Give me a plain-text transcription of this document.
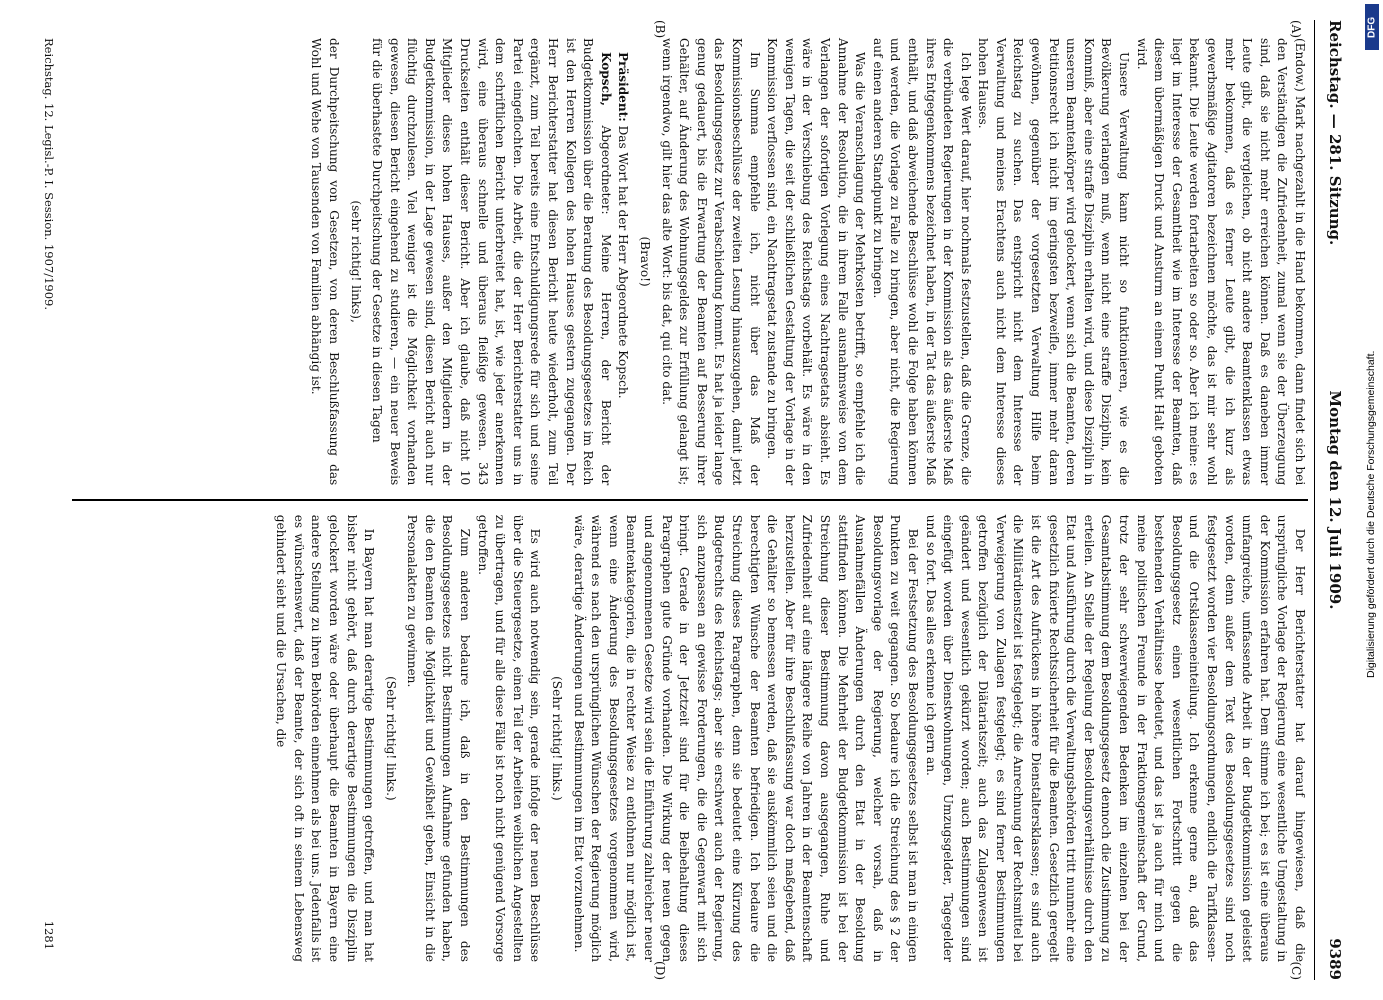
Reichstag. — 281. Sitzung.
Montag den 12. Juli 1909.
9389
(A)
(B)

(Endow.) Mark nachgezahlt in die Hand bekommen, dann findet sich bei den Verständigen die Zufriedenheit, zumal wenn sie der Überzeugung sind, daß sie nicht mehr erreichen können. Daß es daneben immer Leute gibt, die vergleichen, ob nicht andere Beamtenklassen etwas mehr bekommen, daß es ferner Leute gibt, die ich kurz als gewerbsmäßige Agitatoren bezeichnen möchte, das ist mir sehr wohl bekannt. Die Leute werden fortarbeiten so oder so. Aber ich meine: es liegt im Interesse der Gesamtheit wie im Interesse der Beamten, daß diesem übermäßigen Druck und Ansturm an einem Punkt Halt geboten wird.

Unsere Verwaltung kann nicht so funktionieren, wie es die Bevölkerung verlangen muß, wenn nicht eine straffe Disziplin, kein Kommiß, aber eine straffe Disziplin erhalten wird, und diese Disziplin in unserem Beamtenkörper wird gelockert, wenn sich die Beamten, deren Petitionsrecht ich nicht im geringsten bezweifle, immer mehr daran gewöhnen, gegenüber der vorgesetzten Verwaltung Hilfe beim Reichstag zu suchen. Das entspricht nicht dem Interesse der Verwaltung und meines Erachtens auch nicht dem Interesse dieses hohen Hauses.

Ich lege Wert darauf, hier nochmals festzustellen, daß die Grenze, die die verbündeten Regierungen in der Kommission als das äußerste Maß ihres Entgegenkommens bezeichnet haben, in der Tat das äußerste Maß enthält, und daß abweichende Beschlüsse wohl die Folge haben können und werden, die Vorlage zu Falle zu bringen, aber nicht, die Regierung auf einen anderen Standpunkt zu bringen.

Was die Veranschlagung der Mehrkosten betrifft, so empfehle ich die Annahme der Resolution, die in ihrem Falle ausnahmsweise von dem Verlangen der sofortigen Vorlegung eines Nachtragsetats absieht. Es wäre in der Verschiebung des Reichstags vorbehält. Es wäre in den wenigen Tagen, die seit der schließlichen Gestaltung der Vorlage in der Kommission verflossen sind, ein Nachtragsetat zustande zu bringen.

Im Summa empfehle ich, nicht über das Maß der Kommissionsbeschlüsse der zweiten Lesung hinauszugehen, damit jetzt das Besoldungsgesetz zur Verabschiedung kommt. Es hat ja leider lange genug gedauert, bis die Erwartung der Beamten auf Besserung ihrer Gehälter, auf Änderung des Wohnungsgeldes zur Erfüllung gelangt ist; wenn irgendwo, gilt hier das alte Wort: bis dat, qui cito dat.

(Bravo!)

Präsident: Das Wort hat der Herr Abgeordnete Kopsch.

Kopsch, Abgeordneter: Meine Herren, der Bericht der Budgetkommission über die Beratung des Besoldungsgesetzes im Reich ist den Herren Kollegen des hohen Hauses gestern zugegangen. Der Herr Berichterstatter hat diesen Bericht heute wiederholt, zum Teil ergänzt, zum Teil bereits eine Entschuldigungsrede für sich und seine Partei eingeflochten. Die Arbeit, die der Herr Berichterstatter uns in dem schriftlichen Bericht unterbreitet hat, ist, wie jeder anerkennen wird, eine überaus schnelle und überaus fleißige gewesen. 343 Druckseiten enthält dieser Bericht. Aber ich glaube, daß nicht 10 Mitglieder dieses hohen Hauses, außer den Mitgliedern in der Budgetkommission, in der Lage gewesen sind, diesen Bericht auch nur flüchtig durchzulesen. Viel weniger ist die Möglichkeit vorhanden gewesen, diesen Bericht eingehend zu studieren, — ein neuer Beweis für die überhastete Durchpeitschung der Gesetze in diesen Tagen

(sehr richtig! links),

der Durchpeitschung von Gesetzen, von deren Beschlußfassung das Wohl und Wehe von Tausenden von Familien abhängig ist.

(C)
(D)

Der Herr Berichterstatter hat darauf hingewiesen, daß die ursprüngliche Vorlage der Regierung eine wesentliche Umgestaltung in der Kommission erfahren hat. Dem stimme ich bei; es ist eine überaus umfangreiche, umfassende Arbeit in der Budgetkommission geleistet worden, denn außer dem Text des Besoldungsgesetzes sind noch festgesetzt worden vier Besoldungsordnungen, endlich die Tarifklassen- und die Ortsklasseneinteilung. Ich erkenne gerne an, daß das Besoldungsgesetz einen wesentlichen Fortschritt gegen die bestehenden Verhältnisse bedeutet, und das ist ja auch für mich und meine politischen Freunde in der Fraktionsgemeinschaft der Grund, trotz der sehr schwerwiegenden Bedenken im einzelnen bei der Gesamtabstimmung dem Besoldungsgesetz dennoch die Zustimmung zu erteilen. An Stelle der Regelung der Besoldungsverhältnisse durch den Etat und Ausführung durch die Verwaltungsbehörden tritt nunmehr eine gesetzlich fixierte Rechtssicherheit für die Beamten. Gesetzlich geregelt ist die Art des Aufrückens in höhere Dienstaltersklassen; es sind auch die Militärdienstzeit ist festgelegt; die Anrechnung der Rechtsmittel bei Verweigerung von Zulagen festgelegt; es sind ferner Bestimmungen getroffen bezüglich der Diätariatszeit; auch das Zulagenwesen ist geändert und wesentlich gekürzt worden; auch Bestimmungen sind eingefügt worden über Dienstwohnungen, Umzugsgelder, Tagegelder und so fort. Das alles erkenne ich gern an.

Bei der Festsetzung des Besoldungsgesetzes selbst ist man in einigen Punkten zu weit gegangen. So bedaure ich die Streichung des § 2 der Besoldungsvorlage der Regierung, welcher vorsah, daß in Ausnahmefällen Änderungen durch den Etat in der Besoldung stattfinden können. Die Mehrheit der Budgetkommission ist bei der Streichung dieser Bestimmung davon ausgegangen, Ruhe und Zufriedenheit auf eine längere Reihe von Jahren in der Beamtenschaft herzustellen. Aber für ihre Beschlußfassung war doch maßgebend, daß die Gehälter so bemessen werden, daß sie auskömmlich seien und die berechtigten Wünsche der Beamten befriedigen. Ich bedaure die Streichung dieses Paragraphen, denn sie bedeutet eine Kürzung des Budgetrechts des Reichstags; aber sie erschwert auch der Regierung, sich anzupassen an gewisse Forderungen, die die Gegenwart mit sich bringt. Gerade in der Jetztzeit sind für die Beibehaltung dieses Paragraphen gute Gründe vorhanden. Die Wirkung der neuen gegen und angenommenen Gesetze wird sein die Einführung zahlreicher neuer Beamtenkategorien, die in rechter Weise zu entlohnen nur möglich ist, wenn eine Änderung des Besoldungsgesetzes vorgenommen wird, während es nach den ursprünglichen Wünschen der Regierung möglich wäre, derartige Änderungen und Bestimmungen im Etat vorzunehmen.

(Sehr richtig! links.)

Es wird auch notwendig sein, gerade infolge der neuen Beschlüsse über die Steuergesetze, einen Teil der Arbeiten weiblichen Angestellten zu übertragen, und für alle diese Fälle ist noch nicht genügend Vorsorge getroffen.

Zum anderen bedaure ich, daß in den Bestimmungen des Besoldungsgesetzes nicht Bestimmungen Aufnahme gefunden haben, die den Beamten die Möglichkeit und Gewißheit geben, Einsicht in die Personalakten zu gewinnen.

(Sehr richtig! links.)

In Bayern hat man derartige Bestimmungen getroffen, und man hat bisher nicht gehört, daß durch derartige Bestimmungen die Disziplin gelockert worden wäre oder überhaupt die Beamten in Bayern eine andere Stellung zu ihren Behörden einnehmen als bei uns. Jedenfalls ist es wünschenswert, daß der Beamte, der sich oft in seinem Lebensweg gehindert sieht und die Ursachen, die

Reichstag. 12. Legisl.-P. I. Session. 1907/1909.
1281
DFG
Digitalisierung gefördert durch die Deutsche Forschungsgemeinschaft.
